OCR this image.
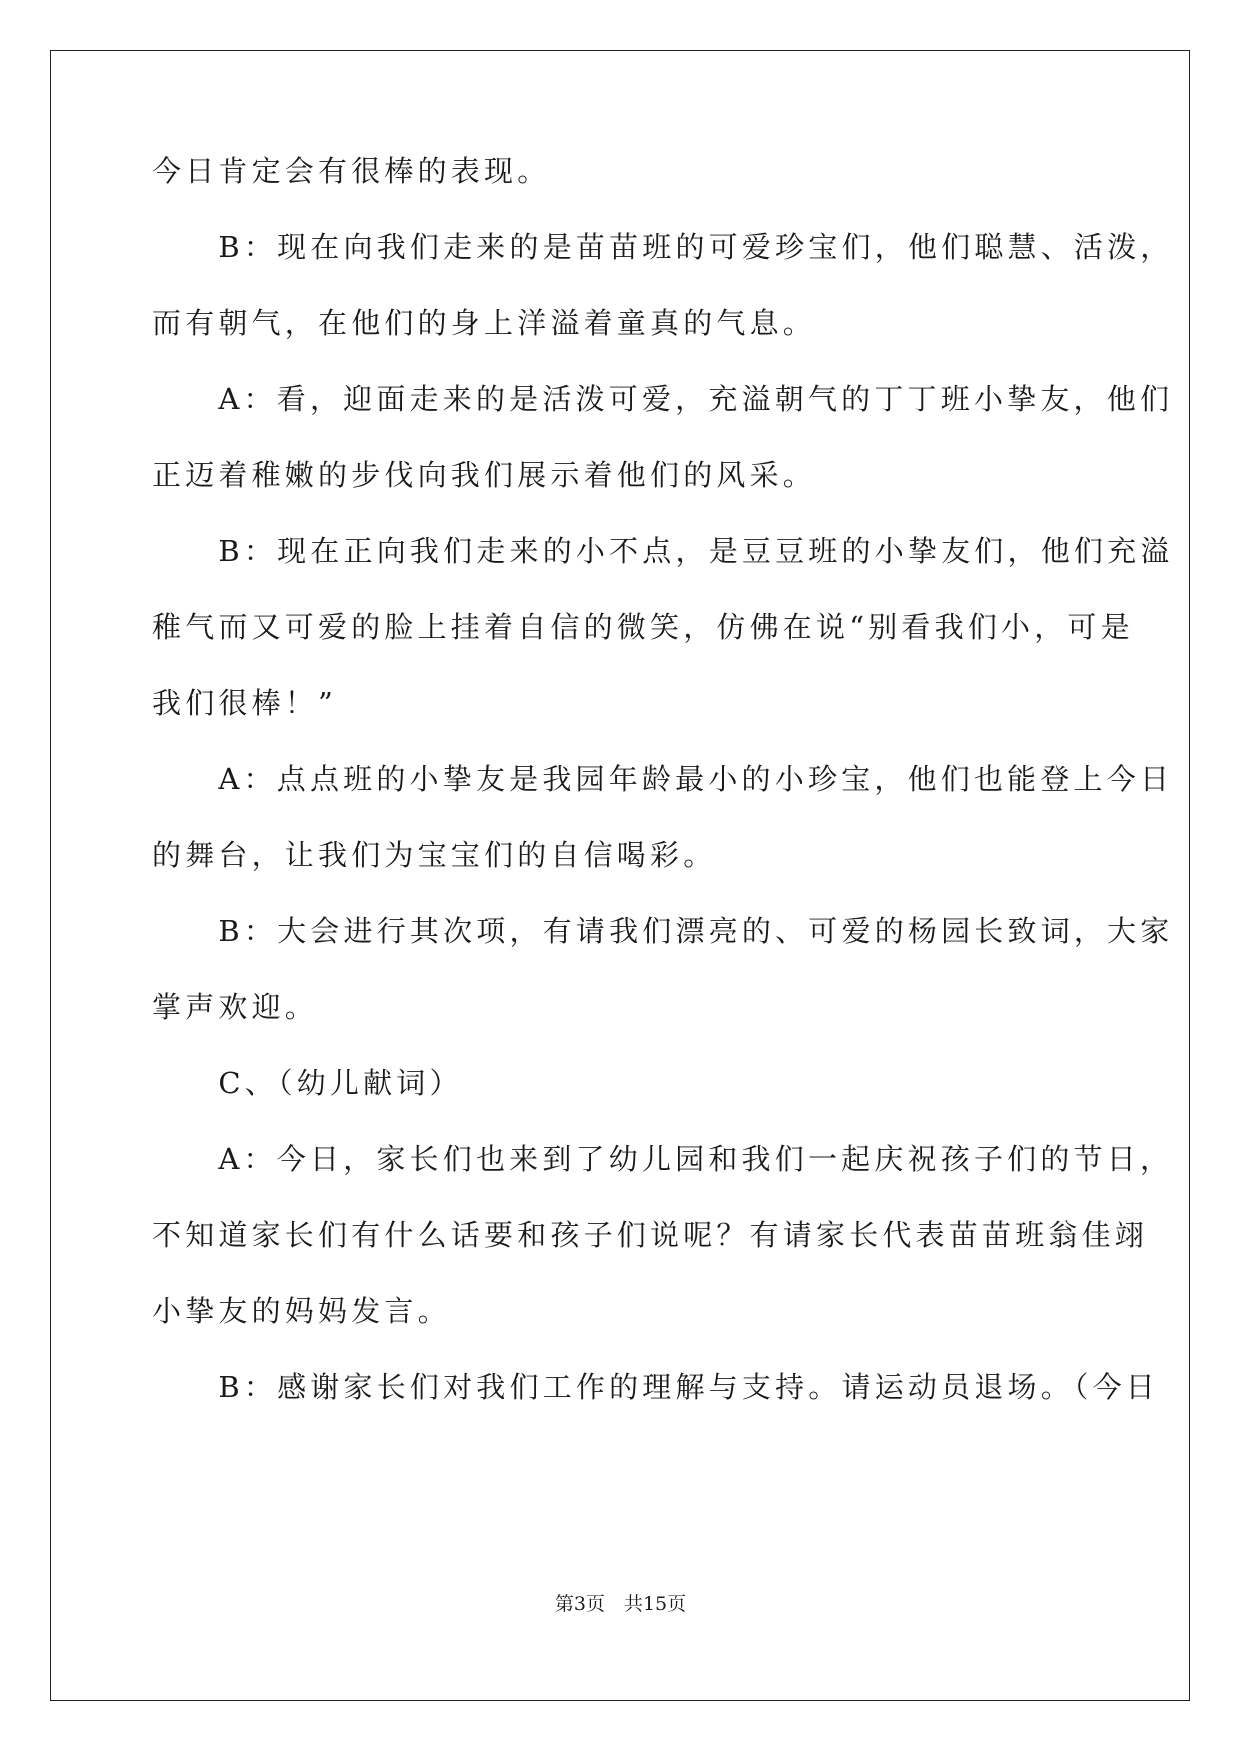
今日肯定会有很棒的表现。
　　B：现在向我们走来的是苗苗班的可爱珍宝们，他们聪慧、活泼，
而有朝气，在他们的身上洋溢着童真的气息。
　　A：看，迎面走来的是活泼可爱，充溢朝气的丁丁班小挚友，他们
正迈着稚嫩的步伐向我们展示着他们的风采。
　　B：现在正向我们走来的小不点，是豆豆班的小挚友们，他们充溢
稚气而又可爱的脸上挂着自信的微笑，仿佛在说“别看我们小，可是
我们很棒！”
　　A：点点班的小挚友是我园年龄最小的小珍宝，他们也能登上今日
的舞台，让我们为宝宝们的自信喝彩。
　　B：大会进行其次项，有请我们漂亮的、可爱的杨园长致词，大家
掌声欢迎。
　　C、（幼儿献词）
　　A：今日，家长们也来到了幼儿园和我们一起庆祝孩子们的节日，
不知道家长们有什么话要和孩子们说呢？有请家长代表苗苗班翁佳翊
小挚友的妈妈发言。
　　B：感谢家长们对我们工作的理解与支持。请运动员退场。（今日
第3页　共15页
